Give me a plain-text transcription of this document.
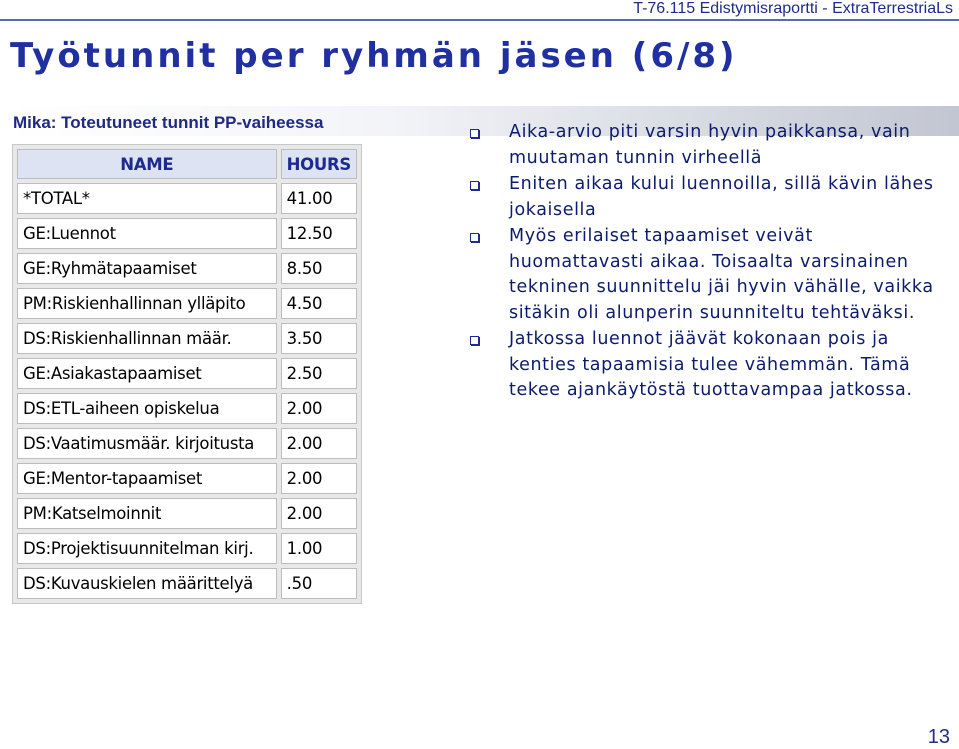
T-76.115 Edistymisraportti - ExtraTerrestriaLs
Työtunnit per ryhmän jäsen (6/8)
Mika: Toteutuneet tunnit PP-vaiheessa
NAME	HOURS
*TOTAL*	41.00
GE:Luennot	12.50
GE:Ryhmätapaamiset	8.50
PM:Riskienhallinnan ylläpito	4.50
DS:Riskienhallinnan määr.	3.50
GE:Asiakastapaamiset	2.50
DS:ETL-aiheen opiskelua	2.00
DS:Vaatimusmäär. kirjoitusta	2.00
GE:Mentor-tapaamiset	2.00
PM:Katselmoinnit	2.00
DS:Projektisuunnitelman kirj.	1.00
DS:Kuvauskielen määrittelyä	.50
Aika-arvio piti varsin hyvin paikkansa, vain muutaman tunnin virheellä
Eniten aikaa kului luennoilla, sillä kävin lähes jokaisella
Myös erilaiset tapaamiset veivät huomattavasti aikaa. Toisaalta varsinainen tekninen suunnittelu jäi hyvin vähälle, vaikka sitäkin oli alunperin suunniteltu tehtäväksi.
Jatkossa luennot jäävät kokonaan pois ja kenties tapaamisia tulee vähemmän. Tämä tekee ajankäytöstä tuottavampaa jatkossa.
13
